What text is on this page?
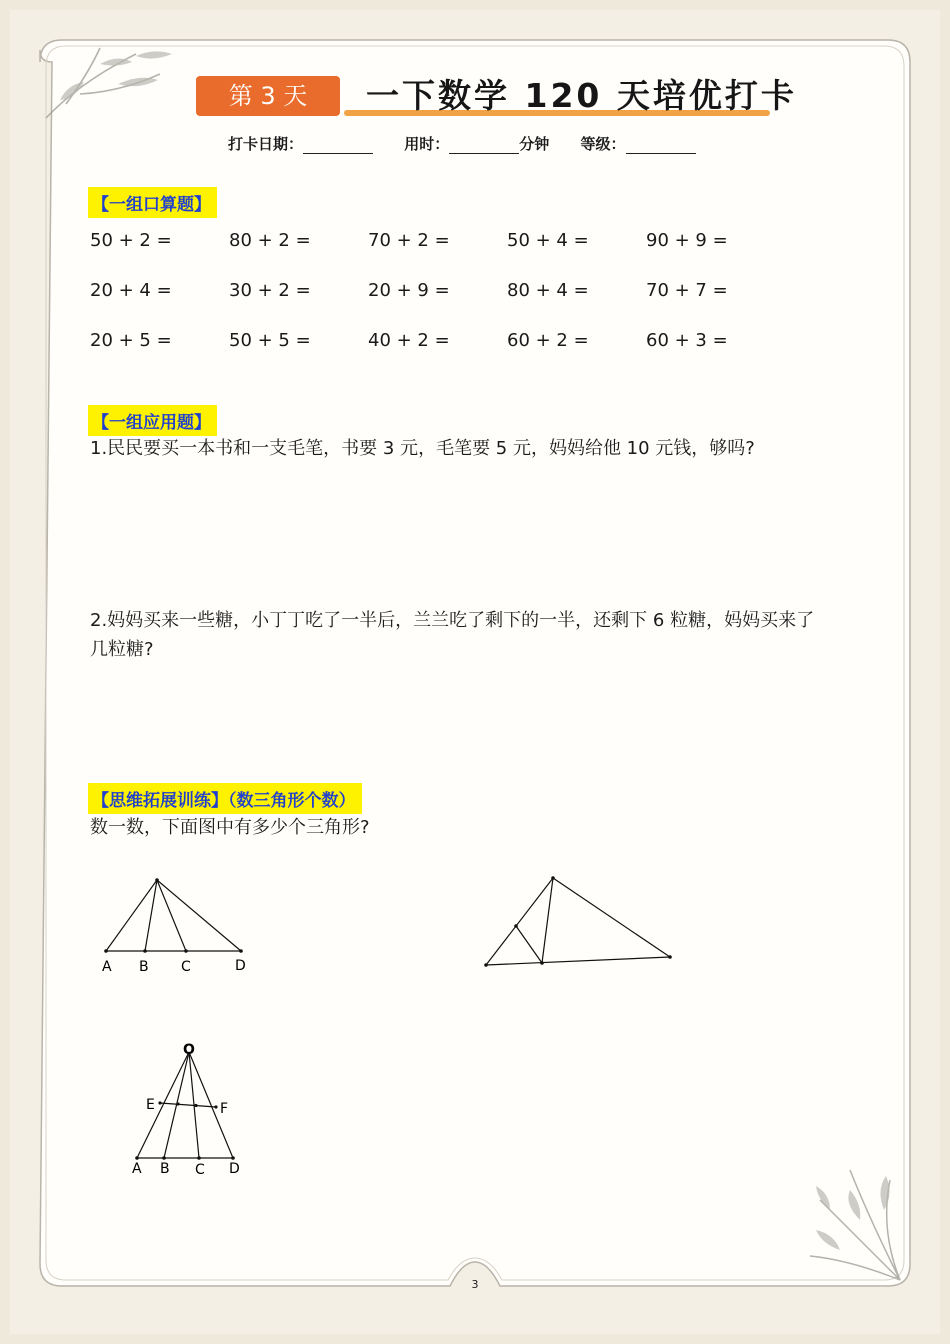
第 3 天	一下数学 120 天培优打卡
打卡日期：	用时：	分钟 等级：
【一组口算题】
50 + 2 =	80 + 2 =	70 + 2 =	50 + 4 =	90 + 9 =
20 + 4 =	30 + 2 =	20 + 9 =	80 + 4 =	70 + 7 =
20 + 5 =	50 + 5 =	40 + 2 =	60 + 2 =	60 + 3 =
【一组应用题】
1.民民要买一本书和一支毛笔，书要 3 元，毛笔要 5 元，妈妈给他 10 元钱，够吗?
2.妈妈买来一些糖，小丁丁吃了一半后，兰兰吃了剩下的一半，还剩下 6 粒糖，妈妈买来了
几粒糖?
【思维拓展训练】（数三角形个数）
数一数，下面图中有多少个三角形?
A B C	D
O
E	F
A B C D
3
